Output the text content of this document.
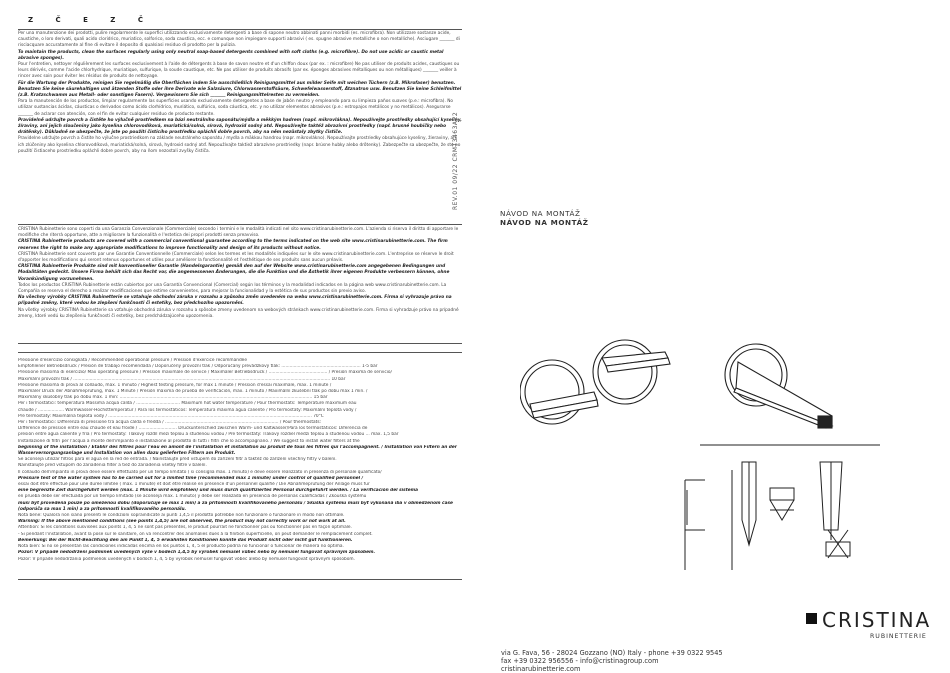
Z Č E Z Č

Per una manutenzione dei prodotti, pulire regolarmente le superfici utilizzando esclusivamente detergenti a base di sapone neutro abbinati panni morbidi (es. microfibra). Non utilizzare sostanze acide, caustiche, o loro derivati, quali acido cloridrico, muriatico, solforico, soda caustica, ecc. e comunque non impiegare supporti abrasivi ( es. spugne abrasive metalliche o non metalliche). Asciugare _______ di risciacquare accuratamente al fine di evitare il deposito di qualsiasi residuo di prodotto per la pulizia.

To maintain the products, clean the surfaces regularly using only neutral soap-based detergents combined with soft cloths (e.g. microfibre). Do not use acidic or caustic metal abrasive sponges).

Pour l'entretien, nettoyer régulièrement les surfaces exclusivement à l'aide de détergents à base de savon neutre et d'un chiffon doux (par ex. : microfibre) Ne pas utiliser de produits acides, caustiques ou leurs dérivés, comme l'acide chlorhydrique, muriatique, sulfurique, la soude caustique, etc. Ne pas utiliser de produits abrasifs (par ex. éponges abrasives métalliques ou non métalliques) _______ veiller à rincer avec soin pour éviter les résidus de produits de nettoyage.

Für die Wartung der Produkte, reinigen Sie regelmäßig die Oberflächen indem Sie ausschließlich Reinigungsmittel aus milder Seife mit weichen Tüchern (z.B. Mikrofaser) benutzen. Benutzen Sie keine säurehaltigen und ätzenden Stoffe oder ihre Derivate wie Salzsäure, Chlorwasserstoffsäure, Schwefelwasserstoff, Ätznatron usw. Benutzen Sie keine Schleifmittel (z.B. Kratzschwamm aus Metall- oder sonstigen Fasern). Vergewissern Sie sich _______ Reinigungsmittelresten zu vermeiden.

Para la manutención de los productos, limpiar regularmente las superficies usando exclusivamente detergentes a base de jabón neutro y empleando para su limpieza paños suaves (p.e.: microfibra). No utilizar sustancias ácidas, cáusticas o derivados como ácido clorhídrico, muriático, sulfúrico, soda cáustica, etc. y no utilizar elementos abrasivos (p.e.: estropajos metálicos y no metálicos). Asegurarse _______ de aclarar con atención, con el fin de evitar cualquier residuo de producto restante.

Pravidelně udržujte povrch a čistěte ho výlučně prostředkem na bázi neutrálního saponátu/mýdla a měkkým hadrem (např. mikrovlákna). Nepoužívejte prostředky obsahující kyseliny, žíraviny, ani jejich sloučeniny jako kyselina chlorovodíková, muriatická/solná, sírová, hydroxid sodný atd. Nepoužívejte taktéž abrazivní prostředky (např. brusné houbičky nebo drátěnky). Důkladně se ubezpečte, že jste po použití čisticího prostředku opláchli dobře povrch, aby na něm nezůstaly zbytky čističe.

Pravidelne udržujte povrch a čistite ho výlučne prostriedkom na základe neutrálneho saponátu / mydla a mäkkou handrou (napr. mikrovlákno). Nepoužívajte prostriedky obsahujúce kyseliny, žieraviny, ani ich zlúčeniny ako kyselina chlorovodíková, muriatická/solná, sírová, hydroxid sodný atď. Nepoužívajte taktiež abrazívne prostriedky (napr. brúsne hubky alebo drôtenky). Zabezpečte sa ubezpečte, že ste po použití čistiaceho prostriedku opláchli dobre povrch, aby na ňom nezostali zvyšky čističa.

CRISTINA Rubinetterie sono coperti da una Garanzia Convenzionale (Commerciale) secondo i termini e le modalità indicati nel sito www.cristinarubinetterie.com. L'azienda si riserva il diritto di apportare le modifiche che riterrà opportune, atte a migliorare la funzionalità e l'estetica dei propri prodotti senza preavviso.

CRISTINA Rubinetterie products are covered with a commercial conventional guarantee according to the terms indicated on the web site www.cristinarubinetterie.com. The firm reserves the right to make any appropriate modifications to improve functionality and design of its products without notice.

CRISTINA Rubinetterie sont couverts par une Garantie Conventionnelle (Commerciale) selon les termes et les modalités indiquées sur le site www.cristinarubinetterie.com. L'entreprise se réserve le droit d'apporter les modifications qui seront retenus opportunes et utiles pour améliorer la fonctionnalité et l'esthétique de ses produits sans aucun préavis.

CRISTINA Rubinetterie Produkte sind mit konventioneller Garantie (Handelsgarantie) gemäß den auf der Website www.cristinarubinetterie.com angegebenen Bedingungen und Modalitäten gedeckt. Unsere Firma behält sich das Recht vor, die angemessenen Änderungen, die die Funktion und die Ästhetik ihrer eigenen Produkte verbessern können, ohne Vorankündigung vorzunehmen.

Todos los productos CRISTINA Rubinetterie están cubiertos por una Garantía Convencional (Comercial) según los términos y la modalidad indicados en la página web www.cristinarubinetterie.com. La Compañía se reserva el derecho a realizar modificaciones que estime convenientes, para mejorar la funcionalidad y la estética de sus productos sin previo aviso.

Na všechny výrobky CRISTINA Rubinetterie se vztahuje obchodní záruka v rozsahu a způsobu změn uvedeném na webu www.cristinarubinetterie.com. Firma si vyhrazuje právo na případné změny, které vedou ke zlepšení funkčnosti či estetiky, bez předchozího upozornění.

Na všetky výrobky CRISTINA Rubinetterie sa vzťahuje obchodná záruka v rozsahu a spôsobe zmeny uvedenom na webových stránkach www.cristinarubinetterie.com. Firma si vyhradzuje právo na prípadné zmeny, ktoré vedú ku zlepšeniu funkčnosti či estetiky, bez predchádzajúceho upozornenia.

Pressione d'esercizio consigliata / Recommended operational pressure / Pression d'exercice recommandée
Empfohlener Betriebsdruck / Presión de trabajo recomendada / Doporučený provozní tlak / Odporúčaný prevádzkový tlak: .......................................................... 1-5 bar
Pressione massima di esercizio/ Max operating pressure / Pression maximale de service / Maximaler Betriebsdruck / ........................................... / Presión maxima de servicio/
Maximální provozní tlak / ............................................................................................................................................................................................ 10 bar
Pressione massima di prova al collaudo, max. 1 minuto / Highest testing pressure, for max 1 minute / Pression d'essai maximale, max. 1 minute /
Maximaler Druck der Abnahmeprüfung, max. 1 Minute / Presión máxima de prueba de verificación, max. 1 minuto / Maximální zkušební tlak po dobu max 1 min. /
Maximálny skúšobný tlak po dobu max. 1 min: ............................................................................................................................................. 15 bar
Per i termostatici: temperatura Massima acqua calda / ................................ Maximum hot water temperature / Pour thermostats: Température maximum eau
chaude / ................... Warmwasser-Höchsttemperatur / Para los termostáticos: Temperatura máxima agua caliente / Pro termostaty: Maximální teplota vody /
Pre termostaty: Maximálna teplota vody / ..................................................................................................................................................... 70°C
Per i termostatici: Differenza di pressione tra acqua calda e fredda / ................................................................................... / Pour thermostats:
Différence de pression entre eau chaude et eau froide / ............................ Druckunterschied zwischen Warm- und Kaltwasser/Para los termostáticos: Diferencia de
presión entre agua caliente y fría / Pro termostaty: Tlakový rozdíl mezi teplou a studenou vodou / Pre termostaty: Tlakový rozdiel medzi teplou a studenou vodou ... max. 1,5 bar
Installazione di filtri per l'acqua a monte dell'impianto e installazione al prodotto di tutti i filtri che lo accompagnano. / We suggest to install water filters at the
beginning of the installation / Établir des filtres pour l'eau en amont de l'installation et installation au produit de tous les filtres qui l'accompagnent. / Installation von Filtern an der Wasserversorgungsanlage und Installation von allen dazu gelieferten Filtern am Produkt.
Se aconseja utilizar filtros para el agua en la red de entrada. / Nainstalujte před vstupem do zařízení filtr a taktéž do zařízení všechny filtry v balení.
Nainštalujte pred vstupom do zariadenia filter a tiež do zariadenia všetky filtre v balení.
Il collaudo dell'impianto in prova deve essere effettuato per un tempo limitato ( si consiglia max. 1 minuto) e deve essere realizzato in presenza di personale qualificato/
Pressure test of the water system has to be carried out for a limited time (recommended max 1 minute) under control of qualified personnel /
essai doit être effectué pour une durée limitée ( max. 1 minute) et doit être réalisé en présence d'un personnel qualifié / Die Abnahmeprüfung der Anlage muss für
eine begrenzte Zeit durchgeführt werden (max. 1 Minute wird empfohlen) und muss durch qualifiziertes Personal durchgeführt werden. / La verificación del sistema
en prueba debe ser efectuada por un tiempo limitado (se aconseja max. 1 minuto) y debe ser realizada en presencia de personas cualificadas / Zkouška systému
musí být provedená pouze po omezenou dobu (doporučuje se max 1 min) a za přítomnosti kvalifikovaného personálu / Skúška systému musí byť vykonaná iba v obmedzenom čase (odporúča sa max 1 min) a za prítomnosti kvalifikovaného personálu.
Nota bene: Qualora non siano presenti le condizioni sopraindicate ai punti 1,4,5 il prodotto potrebbe non funzionare o funzionare in modo non ottimale.
Warning: If the above mentioned conditions (see points 1,4,5) are not observed, the product may not correctly work or not work at all.
Attention: Si les conditions susvisées aux points 1, 4, 5 ne sont pas présentes, le produit pourrait ne fonctionner pas ou fonctionner pas en façon optimale.
- Si pendant l'installation, avant la pose sur le sanitaire, on va rencontrer des anomalies dues à la finition superficielle, on peut demander le remplacement complet.
Bemerkung: Bei der Nicht-Beachtung den am Punkt 1, 4, 5 erwähnten Konditionen könnte das Produkt nicht oder nicht gut funktionieren.
Nota bien: Si no se presentan las condiciones indicadas encima en los puntos 1, 4, 5 el producto podría no funcionar o funcionar de manera no óptima.
Pozor: V případě nedodržení podmínek uvedených výše v bodech 1,4,5 by výrobek nemusel vůbec nebo by nemusel fungovat správným způsobem.
Pozor: V prípade nedodržania podmienok uvedených v bodoch 1, 4, 5 by výrobok nemusel fungovať vôbec alebo by nemusel fungovať správnym spôsobom.
REV.01 09/22 CRMT3463A22
NÁVOD NA MONTÁŽ
NÁVOD NA MONTÁŽ
CRISTINA
RUBINETTERIE
via G. Fava, 56 - 28024 Gozzano (NO) Italy - phone +39 0322 9545
fax +39 0322 956556 - info@cristinagroup.com
cristinarubinetterie.com
